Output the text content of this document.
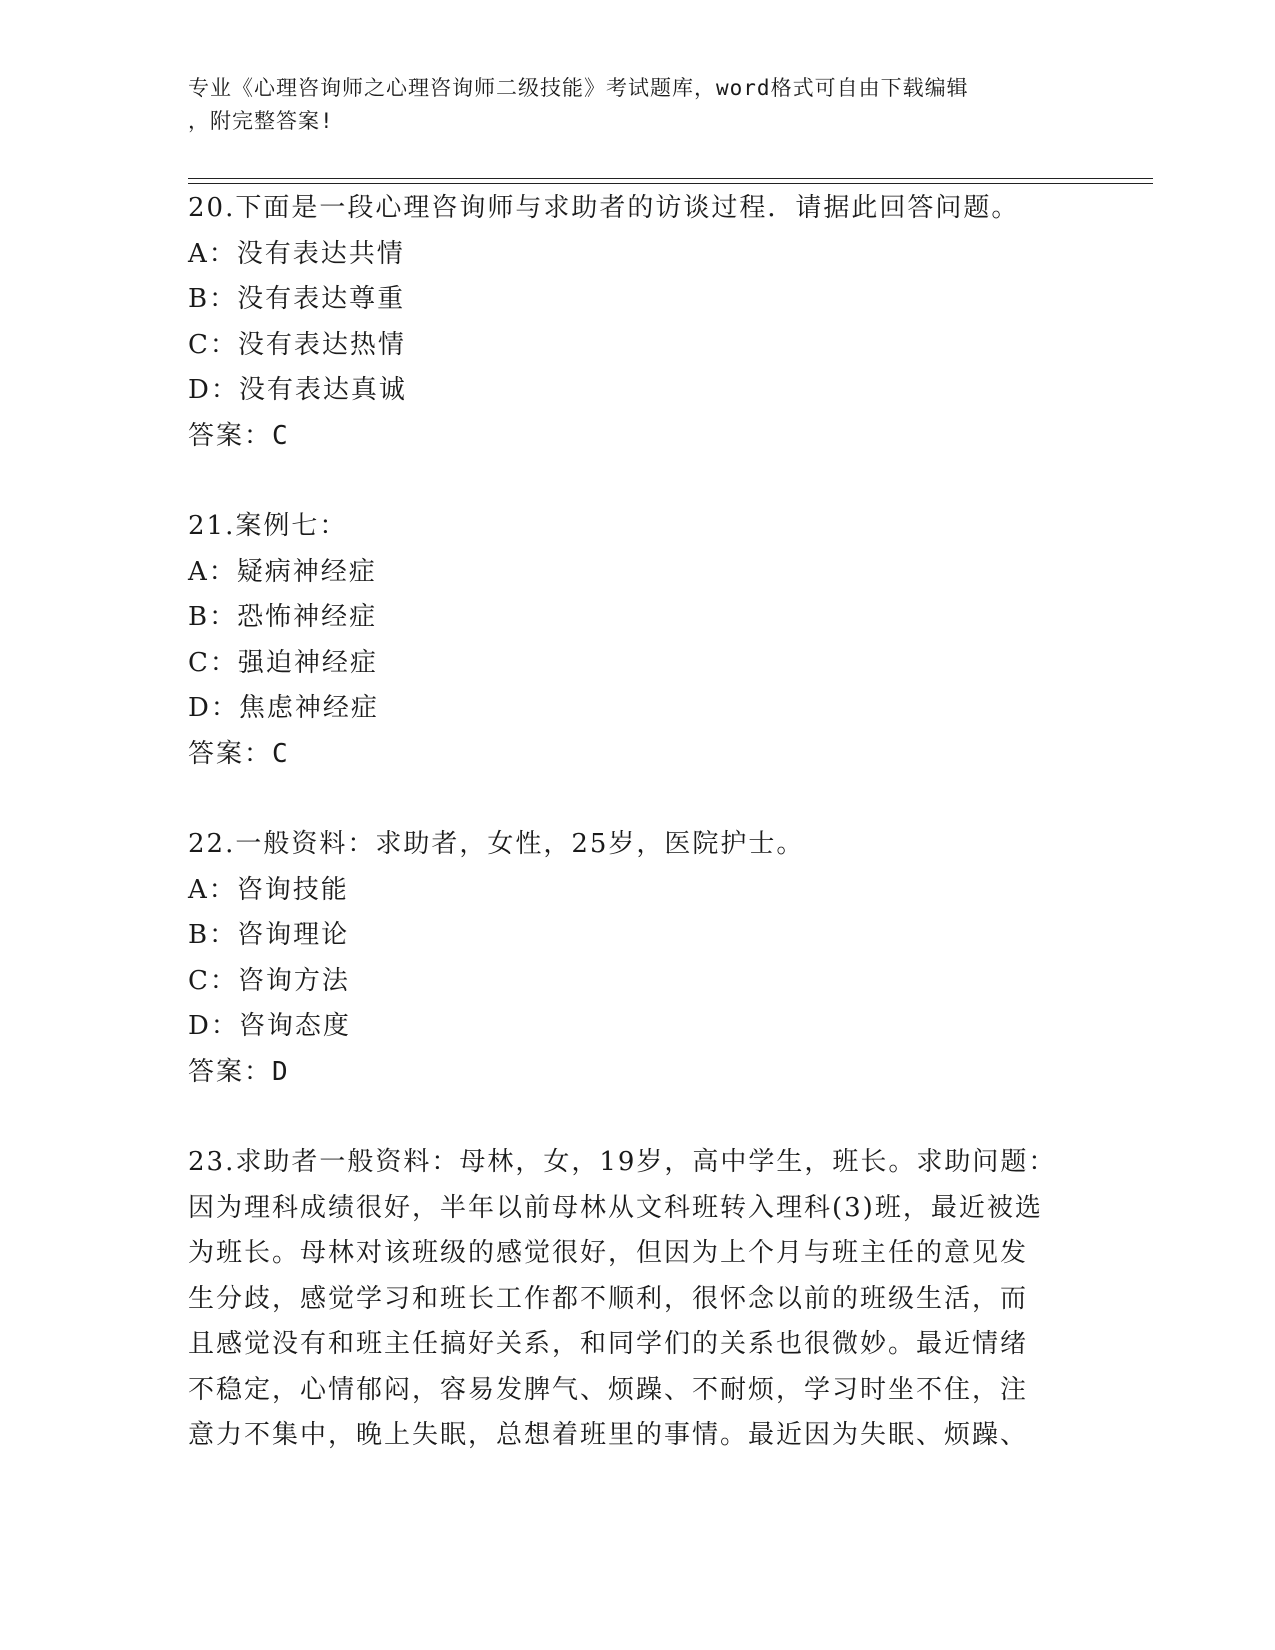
专业《心理咨询师之心理咨询师二级技能》考试题库，word格式可自由下载编辑
，附完整答案!
20.下面是一段心理咨询师与求助者的访谈过程．请据此回答问题。
A：没有表达共情
B：没有表达尊重
C：没有表达热情
D：没有表达真诚
答案：C
21.案例七：
A：疑病神经症
B：恐怖神经症
C：强迫神经症
D：焦虑神经症
答案：C
22.一般资料：求助者，女性，25岁，医院护士。
A：咨询技能
B：咨询理论
C：咨询方法
D：咨询态度
答案：D
23.求助者一般资料：母林，女，19岁，高中学生，班长。求助问题：
因为理科成绩很好，半年以前母林从文科班转入理科(3)班，最近被选
为班长。母林对该班级的感觉很好，但因为上个月与班主任的意见发
生分歧，感觉学习和班长工作都不顺利，很怀念以前的班级生活，而
且感觉没有和班主任搞好关系，和同学们的关系也很微妙。最近情绪
不稳定，心情郁闷，容易发脾气、烦躁、不耐烦，学习时坐不住，注
意力不集中，晚上失眠，总想着班里的事情。最近因为失眠、烦躁、
